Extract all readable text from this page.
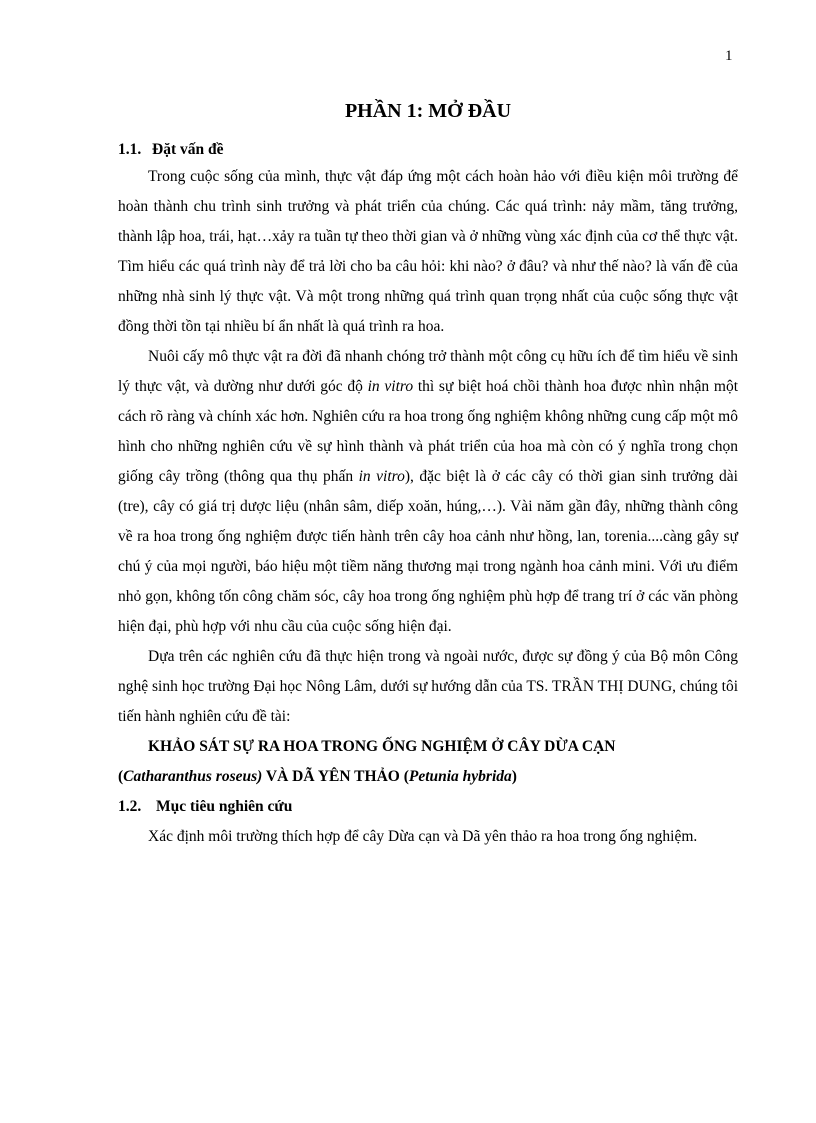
1
PHẦN 1: MỞ ĐẦU
1.1. Đặt vấn đề

Trong cuộc sống của mình, thực vật đáp ứng một cách hoàn hảo với điều kiện môi trường để hoàn thành chu trình sinh trưởng và phát triển của chúng. Các quá trình: nảy mầm, tăng trưởng, thành lập hoa, trái, hạt…xảy ra tuần tự theo thời gian và ở những vùng xác định của cơ thể thực vật. Tìm hiểu các quá trình này để trả lời cho ba câu hỏi: khi nào? ở đâu? và như thế nào? là vấn đề của những nhà sinh lý thực vật. Và một trong những quá trình quan trọng nhất của cuộc sống thực vật đồng thời tồn tại nhiều bí ẩn nhất là quá trình ra hoa.

Nuôi cấy mô thực vật ra đời đã nhanh chóng trở thành một công cụ hữu ích để tìm hiểu về sinh lý thực vật, và dường như dưới góc độ in vitro thì sự biệt hoá chồi thành hoa được nhìn nhận một cách rõ ràng và chính xác hơn. Nghiên cứu ra hoa trong ống nghiệm không những cung cấp một mô hình cho những nghiên cứu về sự hình thành và phát triển của hoa mà còn có ý nghĩa trong chọn giống cây trồng (thông qua thụ phấn in vitro), đặc biệt là ở các cây có thời gian sinh trưởng dài (tre), cây có giá trị dược liệu (nhân sâm, diếp xoăn, húng,…). Vài năm gần đây, những thành công về ra hoa trong ống nghiệm được tiến hành trên cây hoa cảnh như hồng, lan, torenia....càng gây sự chú ý của mọi người, báo hiệu một tiềm năng thương mại trong ngành hoa cảnh mini. Với ưu điểm nhỏ gọn, không tốn công chăm sóc, cây hoa trong ống nghiệm phù hợp để trang trí ở các văn phòng hiện đại, phù hợp với nhu cầu của cuộc sống hiện đại.

Dựa trên các nghiên cứu đã thực hiện trong và ngoài nước, được sự đồng ý của Bộ môn Công nghệ sinh học trường Đại học Nông Lâm, dưới sự hướng dẫn của TS. TRẦN THỊ DUNG, chúng tôi tiến hành nghiên cứu đề tài:

KHẢO SÁT SỰ RA HOA TRONG ỐNG NGHIỆM Ở CÂY DỪA CẠN

(Catharanthus roseus) VÀ DÃ YÊN THẢO (Petunia hybrida)

1.2. Mục tiêu nghiên cứu

Xác định môi trường thích hợp để cây Dừa cạn và Dã yên thảo ra hoa trong ống nghiệm.
